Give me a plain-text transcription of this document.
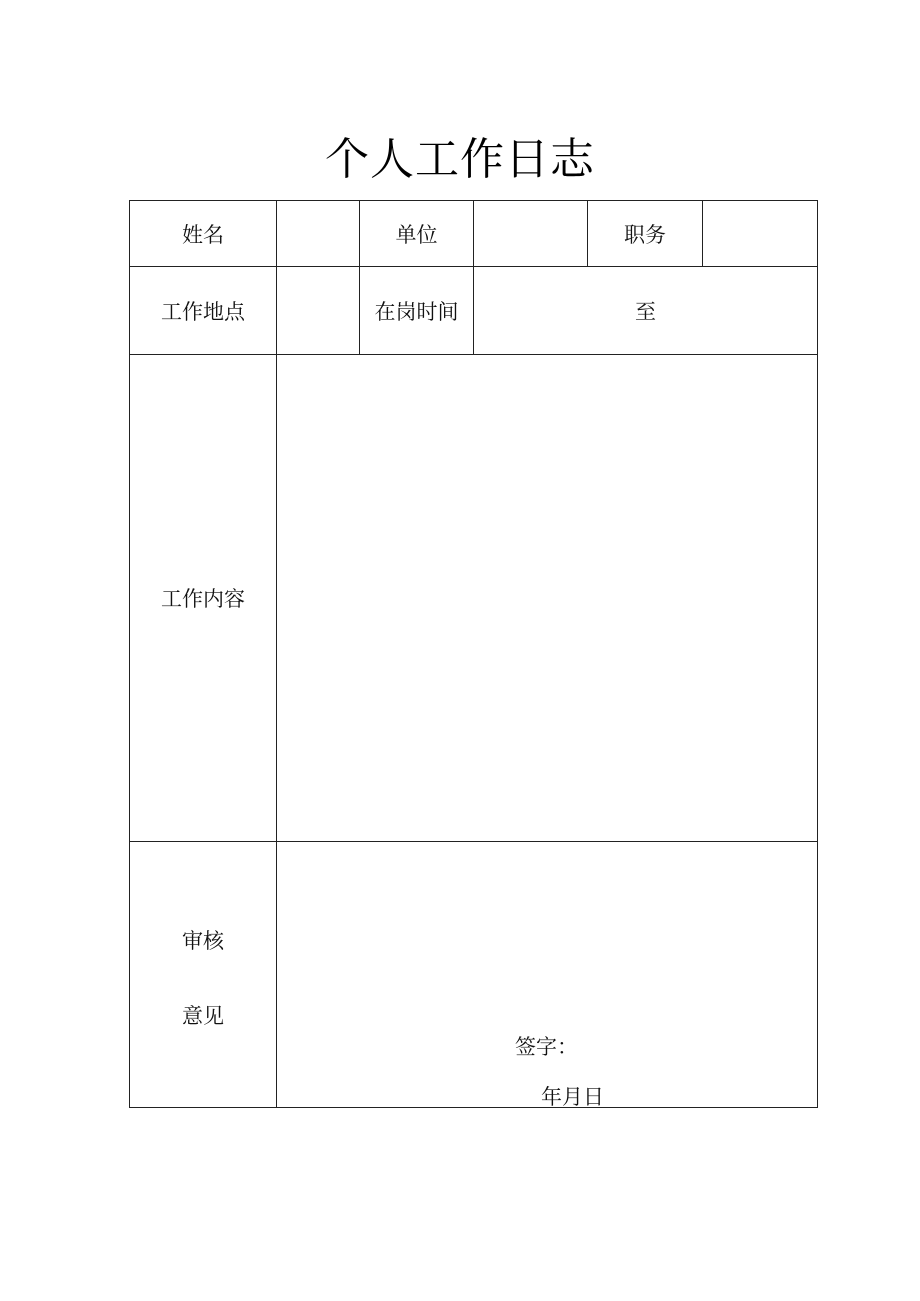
个人工作日志
姓名		单位		职务	
工作地点		在岗时间	至		
工作内容					

审核
意见	签字：
年月日				
